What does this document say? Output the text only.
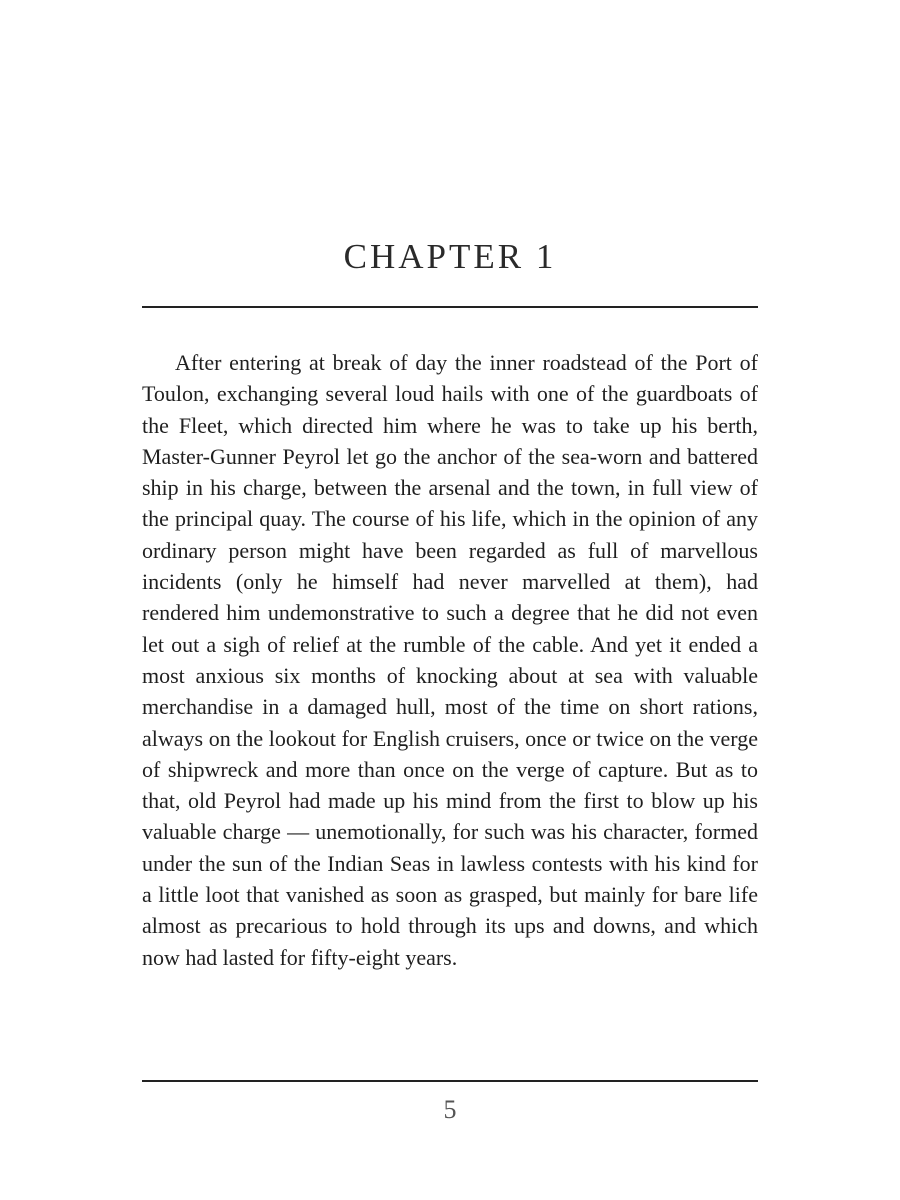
CHAPTER 1

After entering at break of day the inner roadstead of the Port of Toulon, exchanging several loud hails with one of the guardboats of the Fleet, which directed him where he was to take up his berth, Master-Gunner Peyrol let go the anchor of the sea-worn and battered ship in his charge, between the arsenal and the town, in full view of the principal quay. The course of his life, which in the opinion of any ordinary person might have been regarded as full of marvellous incidents (only he himself had never marvelled at them), had rendered him undemonstrative to such a degree that he did not even let out a sigh of relief at the rumble of the cable. And yet it ended a most anxious six months of knocking about at sea with valuable merchandise in a damaged hull, most of the time on short rations, always on the lookout for English cruisers, once or twice on the verge of shipwreck and more than once on the verge of capture. But as to that, old Peyrol had made up his mind from the first to blow up his valuable charge — unemotionally, for such was his character, formed under the sun of the Indian Seas in lawless contests with his kind for a little loot that vanished as soon as grasped, but mainly for bare life almost as precarious to hold through its ups and downs, and which now had lasted for fifty-eight years.

5
